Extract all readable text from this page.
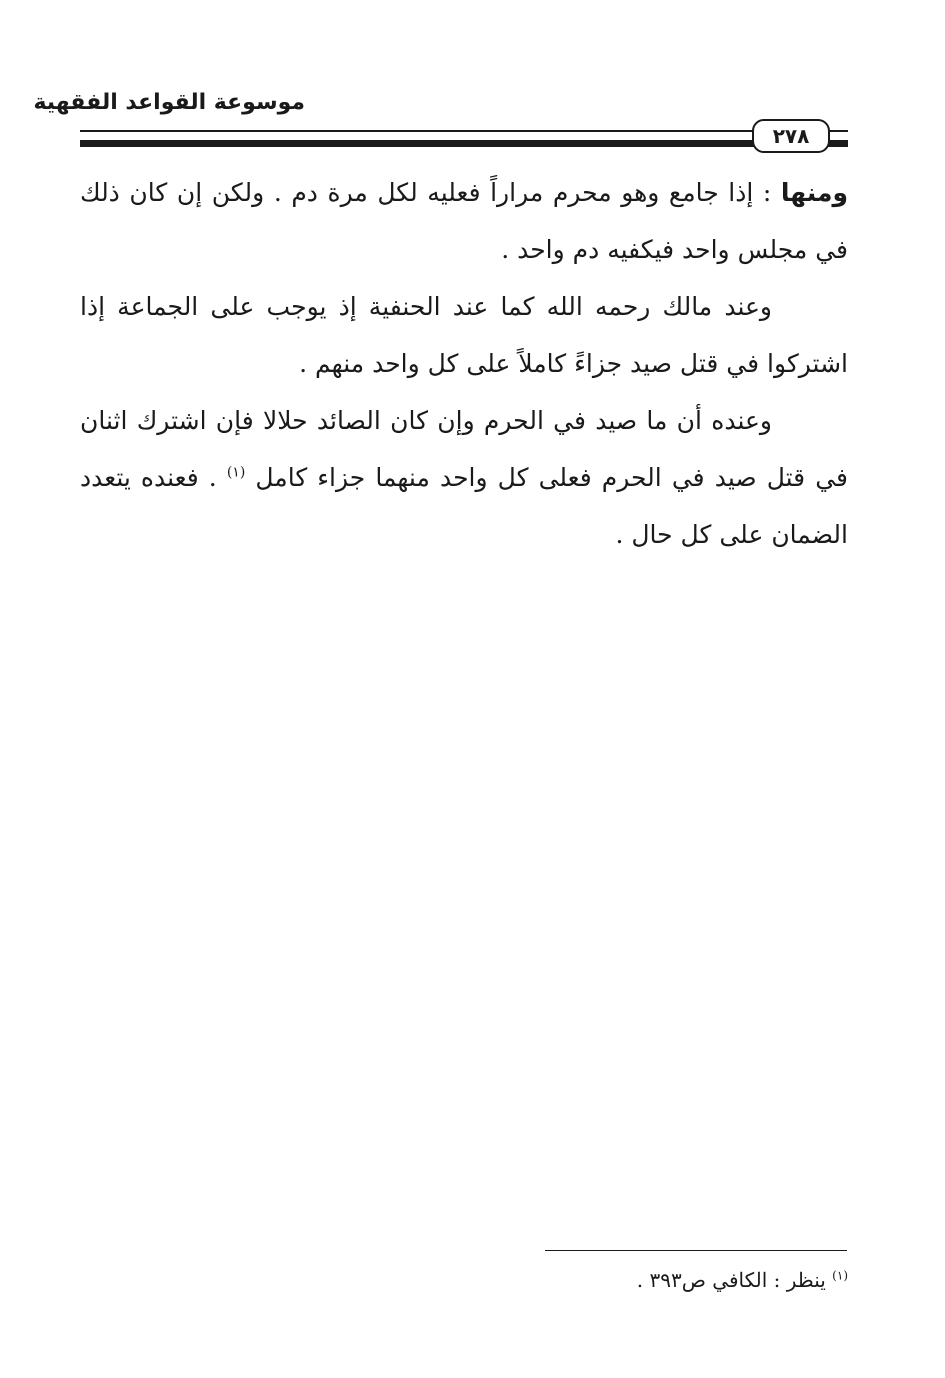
موسوعة القواعد الفقهية
٢٧٨

ومنها : إذا جامع وهو محرم مراراً فعليه لكل مرة دم . ولكن إن كان ذلك في مجلس واحد فيكفيه دم واحد .

وعند مالك رحمه الله كما عند الحنفية إذ يوجب على الجماعة إذا اشتركوا في قتل صيد جزاءً كاملاً على كل واحد منهم .

وعنده أن ما صيد في الحرم وإن كان الصائد حلالا فإن اشترك اثنان في قتل صيد في الحرم فعلى كل واحد منهما جزاء كامل $^{(١)}$ . فعنده يتعدد الضمان على كل حال .

$^{(١)}$ ينظر : الكافي ص٣٩٣ .
